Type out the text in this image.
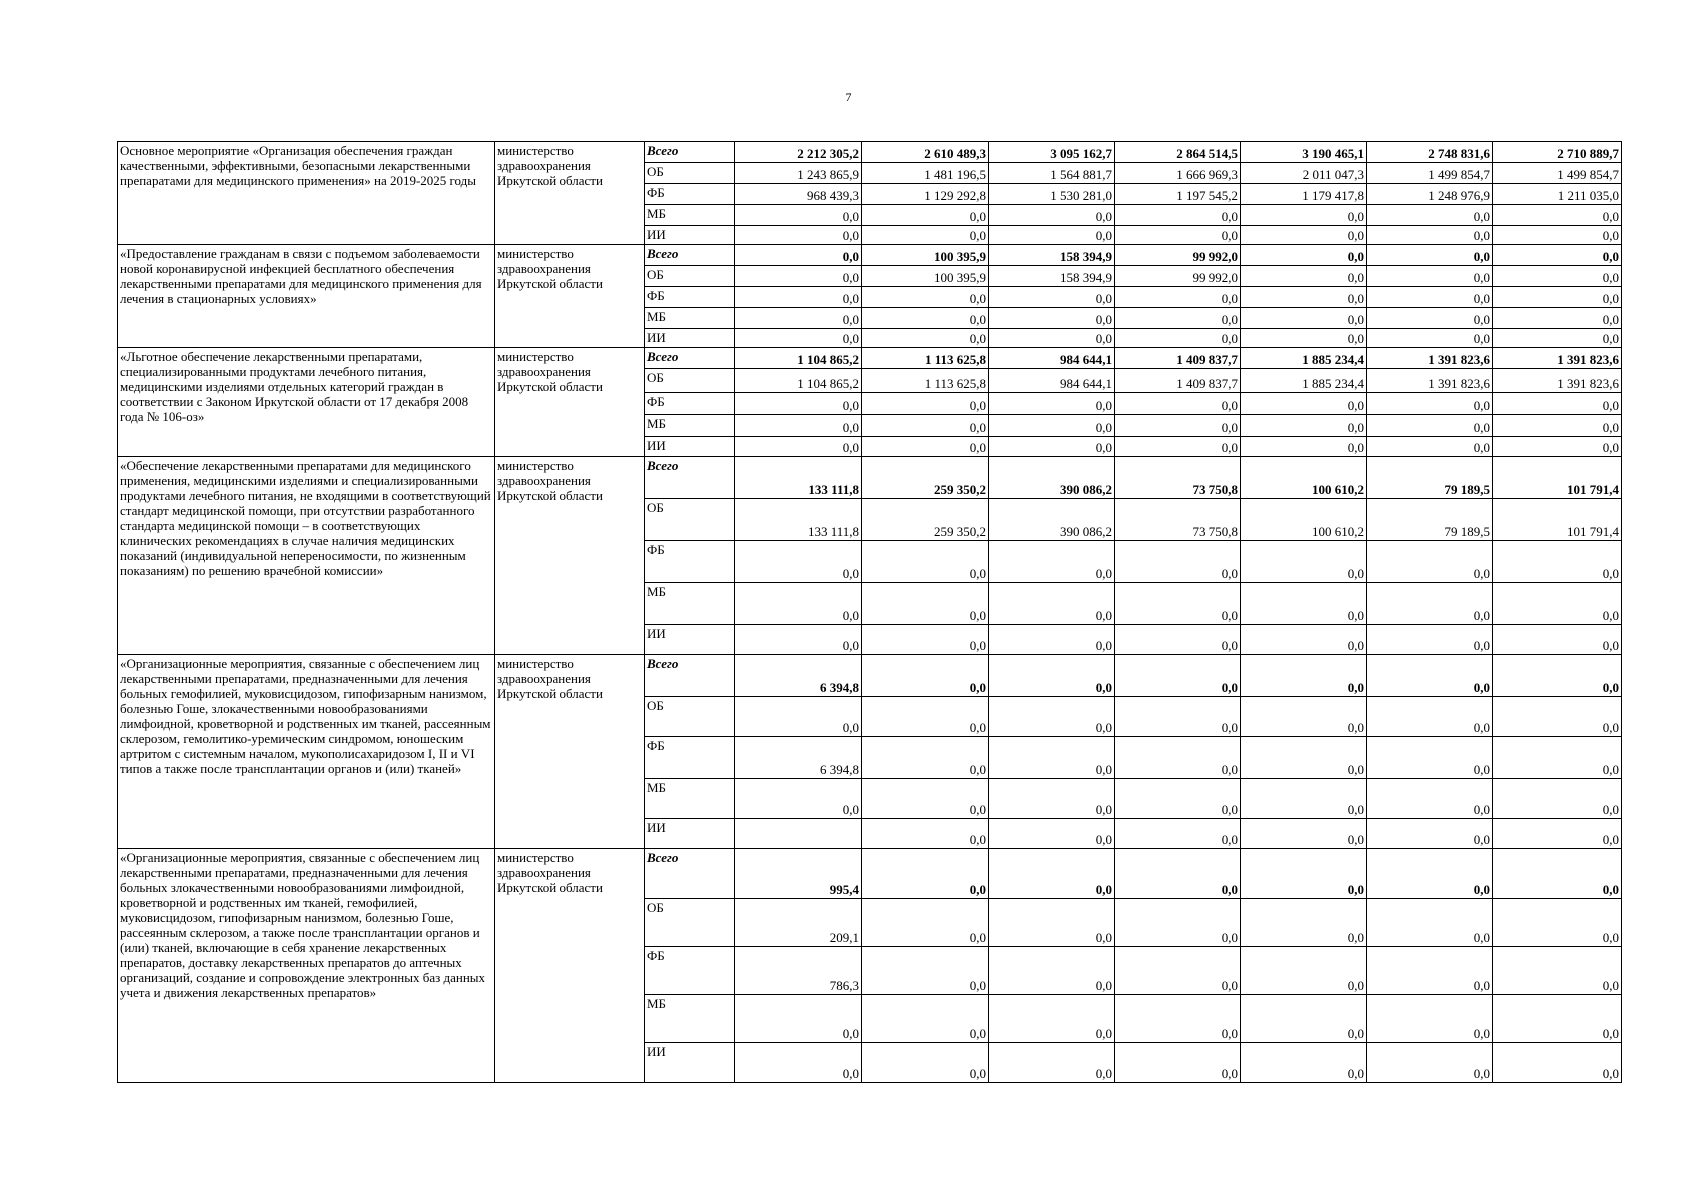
7
Основное мероприятие «Организация обеспечения граждан качественными, эффективными, безопасными лекарственными препаратами для медицинского применения» на 2019-2025 годы	министерство здравоохранения Иркутской области	Всего	2 212 305,2	2 610 489,3	3 095 162,7	2 864 514,5	3 190 465,1	2 748 831,6	2 710 889,7
		ОБ	1 243 865,9	1 481 196,5	1 564 881,7	1 666 969,3	2 011 047,3	1 499 854,7	1 499 854,7
		ФБ	968 439,3	1 129 292,8	1 530 281,0	1 197 545,2	1 179 417,8	1 248 976,9	1 211 035,0
		МБ	0,0	0,0	0,0	0,0	0,0	0,0	0,0
		ИИ	0,0	0,0	0,0	0,0	0,0	0,0	0,0
«Предоставление гражданам в связи с подъемом заболеваемости новой коронавирусной инфекцией бесплатного обеспечения лекарственными препаратами для медицинского применения для лечения в стационарных условиях»	министерство здравоохранения Иркутской области	Всего	0,0	100 395,9	158 394,9	99 992,0	0,0	0,0	0,0
		ОБ	0,0	100 395,9	158 394,9	99 992,0	0,0	0,0	0,0
		ФБ	0,0	0,0	0,0	0,0	0,0	0,0	0,0
		МБ	0,0	0,0	0,0	0,0	0,0	0,0	0,0
		ИИ	0,0	0,0	0,0	0,0	0,0	0,0	0,0
«Льготное обеспечение лекарственными препаратами, специализированными продуктами лечебного питания, медицинскими изделиями отдельных категорий граждан в соответствии с Законом Иркутской области от 17 декабря 2008 года № 106-оз»	министерство здравоохранения Иркутской области	Всего	1 104 865,2	1 113 625,8	984 644,1	1 409 837,7	1 885 234,4	1 391 823,6	1 391 823,6
		ОБ	1 104 865,2	1 113 625,8	984 644,1	1 409 837,7	1 885 234,4	1 391 823,6	1 391 823,6
		ФБ	0,0	0,0	0,0	0,0	0,0	0,0	0,0
		МБ	0,0	0,0	0,0	0,0	0,0	0,0	0,0
		ИИ	0,0	0,0	0,0	0,0	0,0	0,0	0,0
«Обеспечение лекарственными препаратами для медицинского применения, медицинскими изделиями и специализированными продуктами лечебного питания, не входящими в соответствующий стандарт медицинской помощи, при отсутствии разработанного стандарта медицинской помощи – в соответствующих клинических рекомендациях в случае наличия медицинских показаний (индивидуальной непереносимости, по жизненным показаниям) по решению врачебной комиссии»	министерство здравоохранения Иркутской области	Всего	133 111,8	259 350,2	390 086,2	73 750,8	100 610,2	79 189,5	101 791,4
		ОБ	133 111,8	259 350,2	390 086,2	73 750,8	100 610,2	79 189,5	101 791,4
		ФБ	0,0	0,0	0,0	0,0	0,0	0,0	0,0
		МБ	0,0	0,0	0,0	0,0	0,0	0,0	0,0
		ИИ	0,0	0,0	0,0	0,0	0,0	0,0	0,0
«Организационные мероприятия, связанные с обеспечением лиц лекарственными препаратами, предназначенными для лечения больных гемофилией, муковисцидозом, гипофизарным нанизмом, болезнью Гоше, злокачественными новообразованиями лимфоидной, кроветворной и родственных им тканей, рассеянным склерозом, гемолитико-уремическим синдромом, юношеским артритом с системным началом, мукополисахаридозом I, II и VI типов а также после трансплантации органов и (или) тканей»	министерство здравоохранения Иркутской области	Всего	6 394,8	0,0	0,0	0,0	0,0	0,0	0,0
		ОБ	0,0	0,0	0,0	0,0	0,0	0,0	0,0
		ФБ	6 394,8	0,0	0,0	0,0	0,0	0,0	0,0
		МБ	0,0	0,0	0,0	0,0	0,0	0,0	0,0
		ИИ		0,0	0,0	0,0	0,0	0,0	0,0
«Организационные мероприятия, связанные с обеспечением лиц лекарственными препаратами, предназначенными для лечения больных злокачественными новообразованиями лимфоидной, кроветворной и родственных им тканей, гемофилией, муковисцидозом, гипофизарным нанизмом, болезнью Гоше, рассеянным склерозом, а также после трансплантации органов и (или) тканей, включающие в себя хранение лекарственных препаратов, доставку лекарственных препаратов до аптечных организаций, создание и сопровождение электронных баз данных учета и движения лекарственных препаратов»	министерство здравоохранения Иркутской области	Всего	995,4	0,0	0,0	0,0	0,0	0,0	0,0
		ОБ	209,1	0,0	0,0	0,0	0,0	0,0	0,0
		ФБ	786,3	0,0	0,0	0,0	0,0	0,0	0,0
		МБ	0,0	0,0	0,0	0,0	0,0	0,0	0,0
		ИИ	0,0	0,0	0,0	0,0	0,0	0,0	0,0
